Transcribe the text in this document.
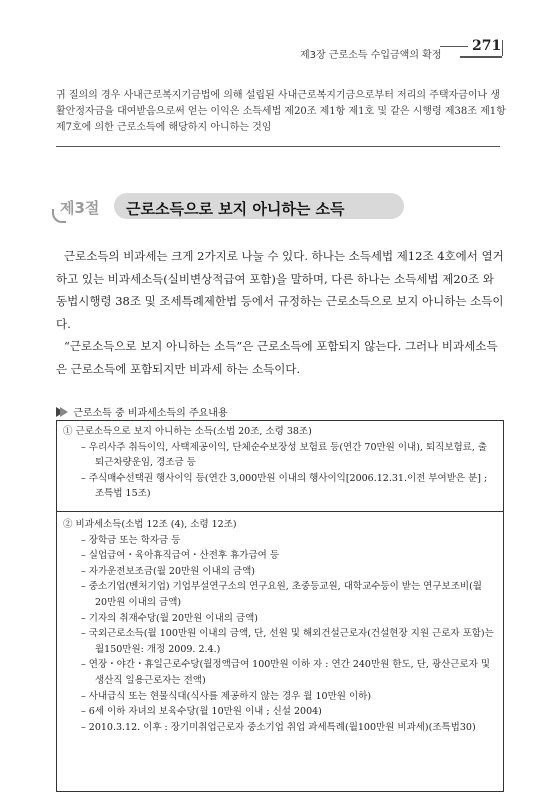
제3장 근로소득 수입금액의 확정
271
귀 질의의 경우 사내근로복지기금법에 의해 설립된 사내근로복지기금으로부터 저리의 주택자금이나 생활안정자금을 대여받음으로써 얻는 이익은 소득세법 제20조 제1항 제1호 및 같은 시행령 제38조 제1항 제7호에 의한 근로소득에 해당하지 아니하는 것임
제3절 근로소득으로 보지 아니하는 소득

근로소득의 비과세는 크게 2가지로 나눌 수 있다. 하나는 소득세법 제12조 4호에서 열거하고 있는 비과세소득(실비변상적급여 포함)을 말하며, 다른 하나는 소득세법 제20조 와 동법시행령 38조 및 조세특례제한법 등에서 규정하는 근로소득으로 보지 아니하는 소득이다.

“근로소득으로 보지 아니하는 소득”은 근로소득에 포함되지 않는다. 그러나 비과세소득은 근로소득에 포함되지만 비과세 하는 소득이다.

근로소득 중 비과세소득의 주요내용

① 근로소득으로 보지 아니하는 소득(소법 20조, 소령 38조)

– 우리사주 취득이익, 사택제공이익, 단체순수보장성 보험료 등(연간 70만원 이내), 퇴직보험료, 출퇴근차량운임, 경조금 등
– 주식매수선택권 행사이익 등(연간 3,000만원 이내의 행사이익[2006.12.31.이전 부여받은 분] ; 조특법 15조)

② 비과세소득(소법 12조 (4), 소령 12조)

– 장학금 또는 학자금 등
– 실업급여・육아휴직급여・산전후 휴가급여 등
– 자가운전보조금(월 20만원 이내의 금액)
– 중소기업(벤처기업) 기업부설연구소의 연구요원, 초중등교원, 대학교수등이 받는 연구보조비(월 20만원 이내의 금액)
– 기자의 취재수당(월 20만원 이내의 금액)
– 국외근로소득(월 100만원 이내의 금액, 단, 선원 및 해외건설근로자(건설현장 지원 근로자 포함)는 월150만원: 개정 2009. 2.4.)
– 연장・야간・휴일근로수당(월정액급여 100만원 이하 자 : 연간 240만원 한도, 단, 광산근로자 및 생산직 일용근로자는 전액)
– 사내급식 또는 현물식대(식사를 제공하지 않는 경우 월 10만원 이하)
– 6세 이하 자녀의 보육수당(월 10만원 이내 ; 신설 2004)
– 2010.3.12. 이후 : 장기미취업근로자 중소기업 취업 과세특례(월100만원 비과세)(조특법30)
